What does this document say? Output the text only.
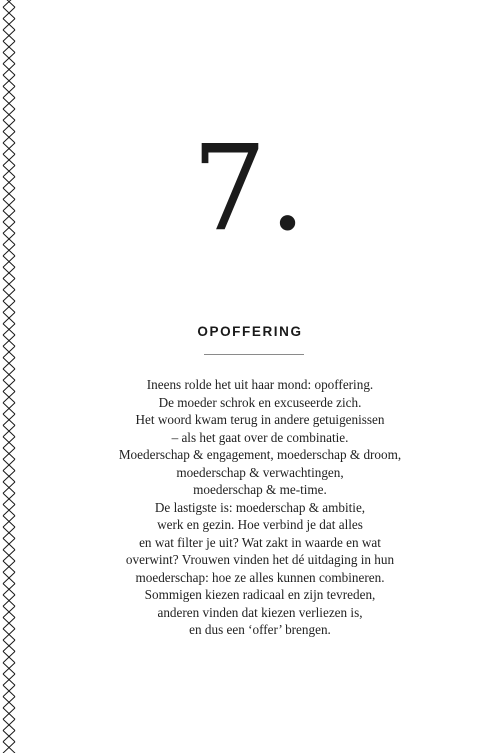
7.
OPOFFERING

Ineens rolde het uit haar mond: opoffering.
De moeder schrok en excuseerde zich.
Het woord kwam terug in andere getuigenissen
– als het gaat over de combinatie.
Moederschap & engagement, moederschap & droom,
moederschap & verwachtingen,
moederschap & me-time.
De lastigste is: moederschap & ambitie,
werk en gezin. Hoe verbind je dat alles
en wat filter je uit? Wat zakt in waarde en wat
overwint? Vrouwen vinden het dé uitdaging in hun
moederschap: hoe ze alles kunnen combineren.
Sommigen kiezen radicaal en zijn tevreden,
anderen vinden dat kiezen verliezen is,
en dus een ‘offer’ brengen.
